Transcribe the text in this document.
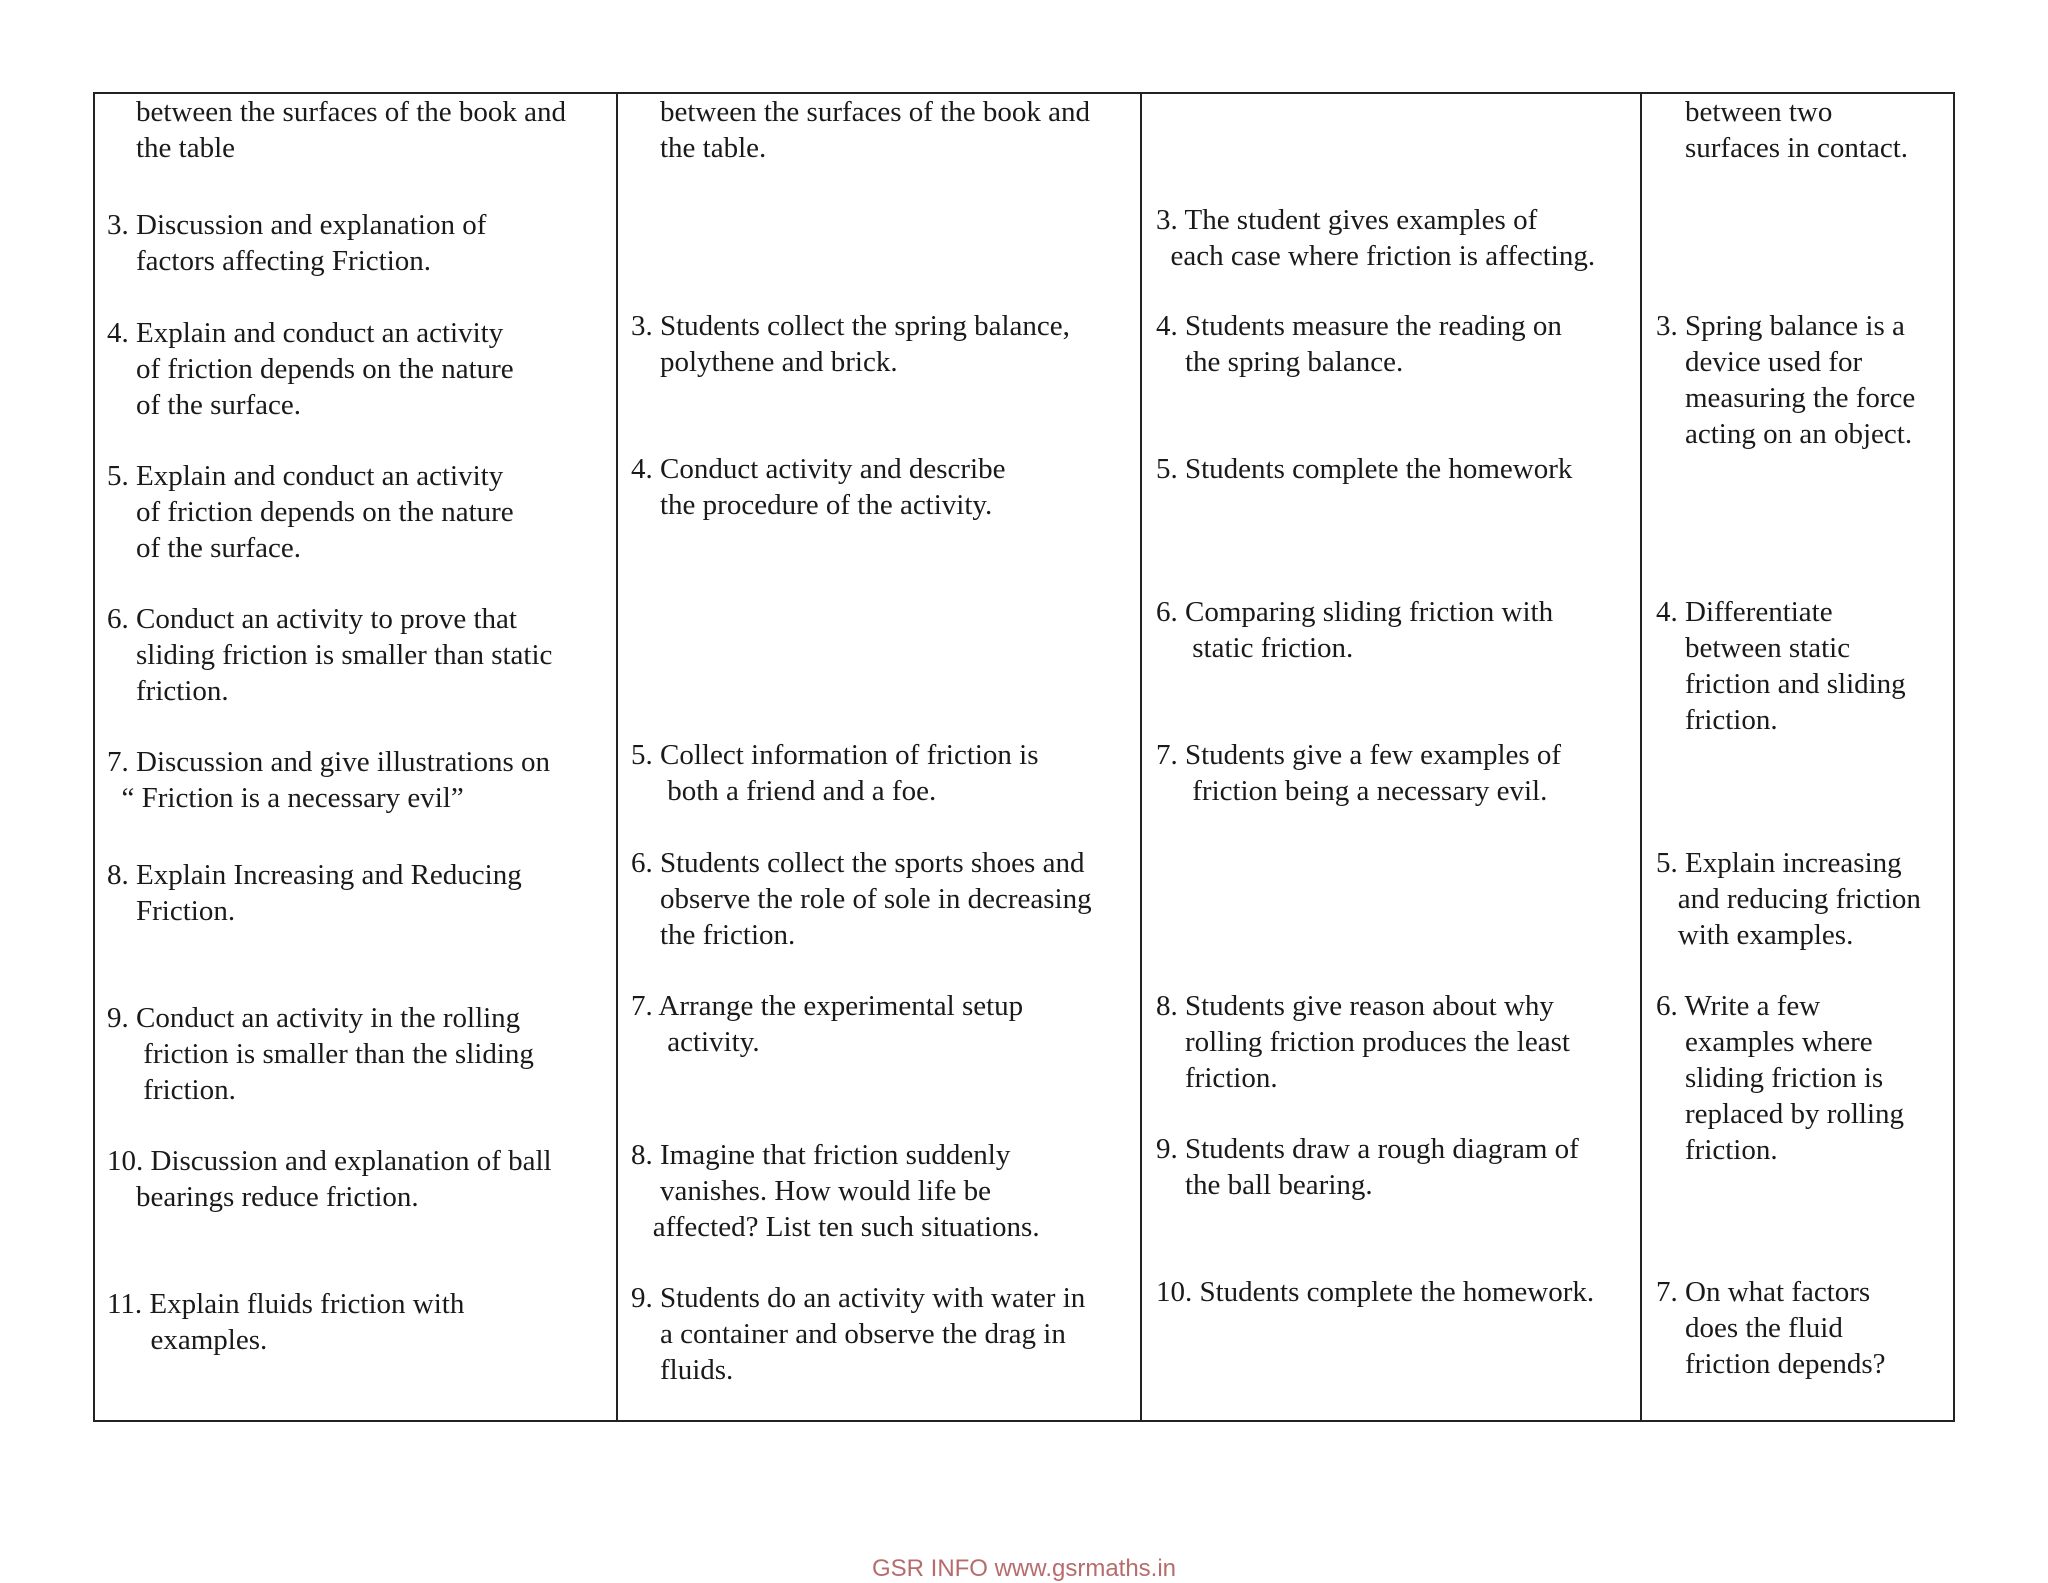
between the surfaces of the book and
the table

3. Discussion and explanation of
factors affecting Friction.

4. Explain and conduct an activity
of friction depends on the nature
of the surface.

5. Explain and conduct an activity
of friction depends on the nature
of the surface.

6. Conduct an activity to prove that
sliding friction is smaller than static
friction.

7. Discussion and give illustrations on
“ Friction is a necessary evil”

8. Explain Increasing and Reducing
Friction.

9. Conduct an activity in the rolling
friction is smaller than the sliding
friction.

10. Discussion and explanation of ball
bearings reduce friction.

11. Explain fluids friction with
examples.

between the surfaces of the book and
the table.

3. Students collect the spring balance,
polythene and brick.

4. Conduct activity and describe
the procedure of the activity.

5. Collect information of friction is
both a friend and a foe.

6. Students collect the sports shoes and
observe the role of sole in decreasing
the friction.

7. Arrange the experimental setup
activity.

8. Imagine that friction suddenly
vanishes. How would life be
affected? List ten such situations.

9. Students do an activity with water in
a container and observe the drag in
fluids.

3. The student gives examples of
each case where friction is affecting.

4. Students measure the reading on
the spring balance.

5. Students complete the homework

6. Comparing sliding friction with
static friction.

7. Students give a few examples of
friction being a necessary evil.

8. Students give reason about why
rolling friction produces the least
friction.

9. Students draw a rough diagram of
the ball bearing.

10. Students complete the homework.

between two
surfaces in contact.

3. Spring balance is a
device used for
measuring the force
acting on an object.

4. Differentiate
between static
friction and sliding
friction.

5. Explain increasing
and reducing friction
with examples.

6. Write a few
examples where
sliding friction is
replaced by rolling
friction.

7. On what factors
does the fluid
friction depends?

GSR INFO www.gsrmaths.in
